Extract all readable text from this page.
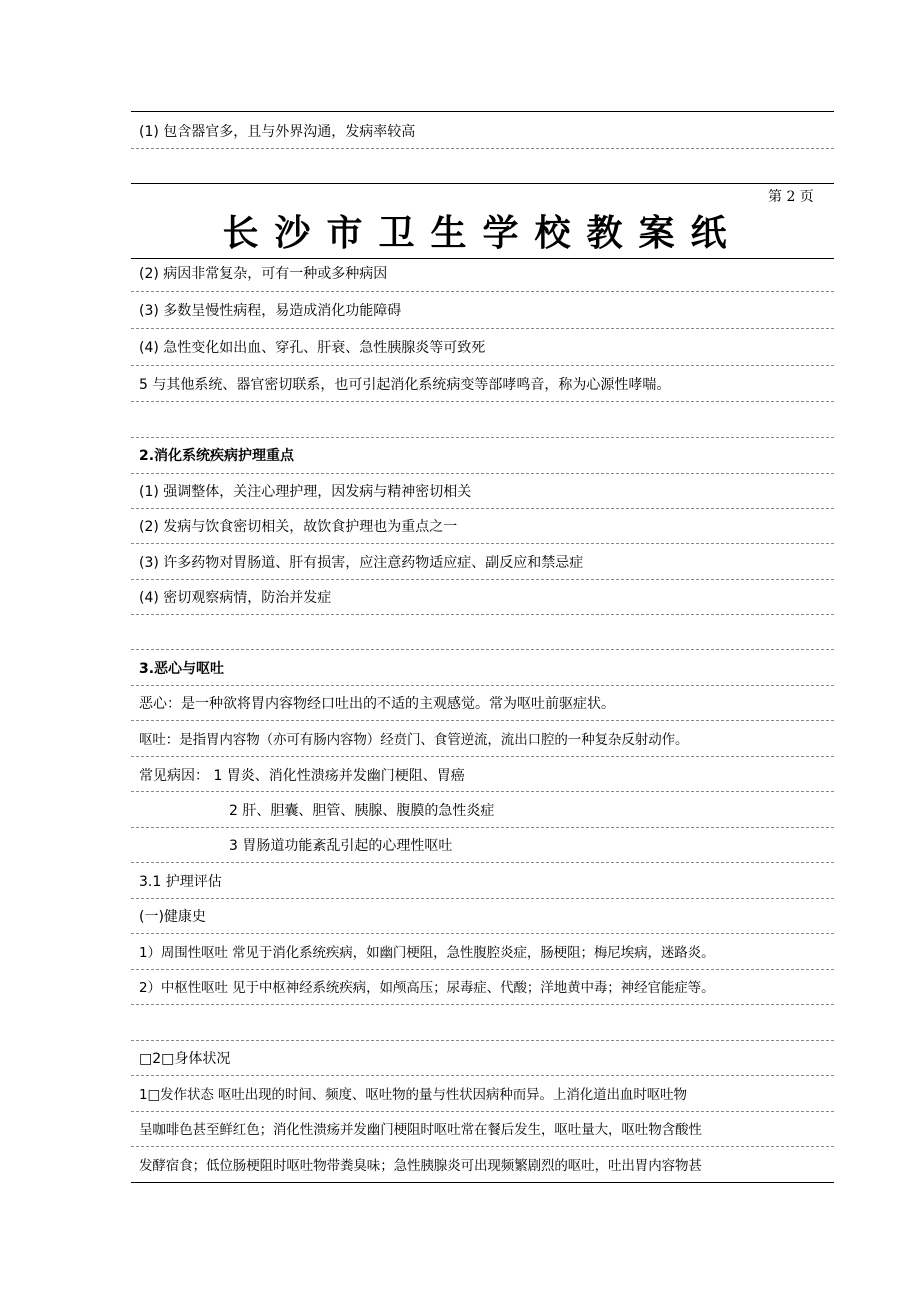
(1) 包含器官多，且与外界沟通，发病率较高
第 2 页
长沙市卫生学校教案纸
(2) 病因非常复杂，可有一种或多种病因
(3) 多数呈慢性病程，易造成消化功能障碍
(4) 急性变化如出血、穿孔、肝衰、急性胰腺炎等可致死
5 与其他系统、器官密切联系，也可引起消化系统病变等部哮鸣音，称为心源性哮喘。
2.消化系统疾病护理重点
(1) 强调整体，关注心理护理，因发病与精神密切相关
(2) 发病与饮食密切相关，故饮食护理也为重点之一
(3) 许多药物对胃肠道、肝有损害，应注意药物适应症、副反应和禁忌症
(4) 密切观察病情，防治并发症
3.恶心与呕吐
恶心：是一种欲将胃内容物经口吐出的不适的主观感觉。常为呕吐前驱症状。
呕吐：是指胃内容物（亦可有肠内容物）经贲门、食管逆流，流出口腔的一种复杂反射动作。
常见病因： 1 胃炎、消化性溃疡并发幽门梗阻、胃癌
2 肝、胆囊、胆管、胰腺、腹膜的急性炎症
3 胃肠道功能紊乱引起的心理性呕吐
3.1 护理评估
(一)健康史
1）周围性呕吐 常见于消化系统疾病，如幽门梗阻，急性腹腔炎症，肠梗阻；梅尼埃病，迷路炎。
2）中枢性呕吐 见于中枢神经系统疾病，如颅高压；尿毒症、代酸；洋地黄中毒；神经官能症等。
□2□身体状况
1□发作状态 呕吐出现的时间、频度、呕吐物的量与性状因病种而异。上消化道出血时呕吐物
呈咖啡色甚至鲜红色；消化性溃疡并发幽门梗阻时呕吐常在餐后发生，呕吐量大，呕吐物含酸性
发酵宿食；低位肠梗阻时呕吐物带粪臭味；急性胰腺炎可出现频繁剧烈的呕吐，吐出胃内容物甚
